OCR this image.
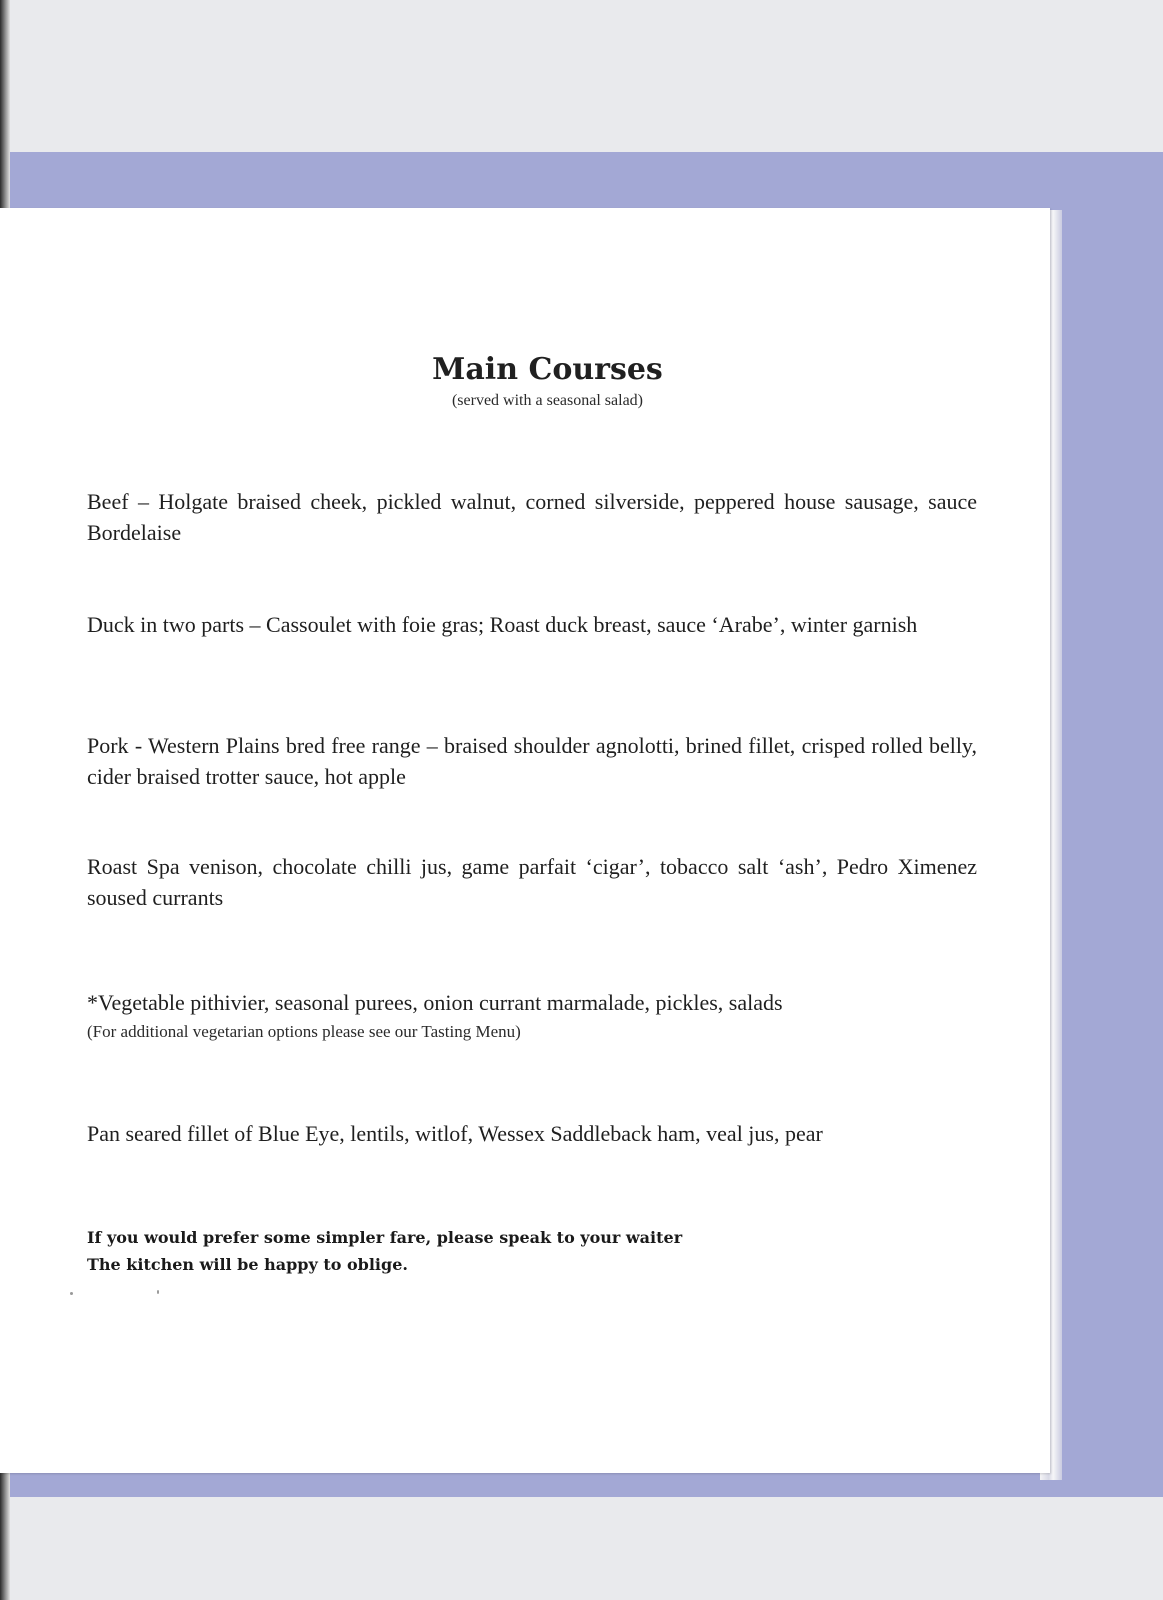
Main Courses
(served with a seasonal salad)
Beef – Holgate braised cheek, pickled walnut, corned silverside, peppered house sausage, sauce Bordelaise
Duck in two parts – Cassoulet with foie gras; Roast duck breast, sauce ‘Arabe’, winter garnish
Pork - Western Plains bred free range – braised shoulder agnolotti, brined fillet, crisped rolled belly, cider braised trotter sauce, hot apple
Roast Spa venison, chocolate chilli jus, game parfait ‘cigar’, tobacco salt ‘ash’, Pedro Ximenez soused currants
*Vegetable pithivier, seasonal purees, onion currant marmalade, pickles, salads
(For additional vegetarian options please see our Tasting Menu)
Pan seared fillet of Blue Eye, lentils, witlof, Wessex Saddleback ham, veal jus, pear
If you would prefer some simpler fare, please speak to your waiter
The kitchen will be happy to oblige.
